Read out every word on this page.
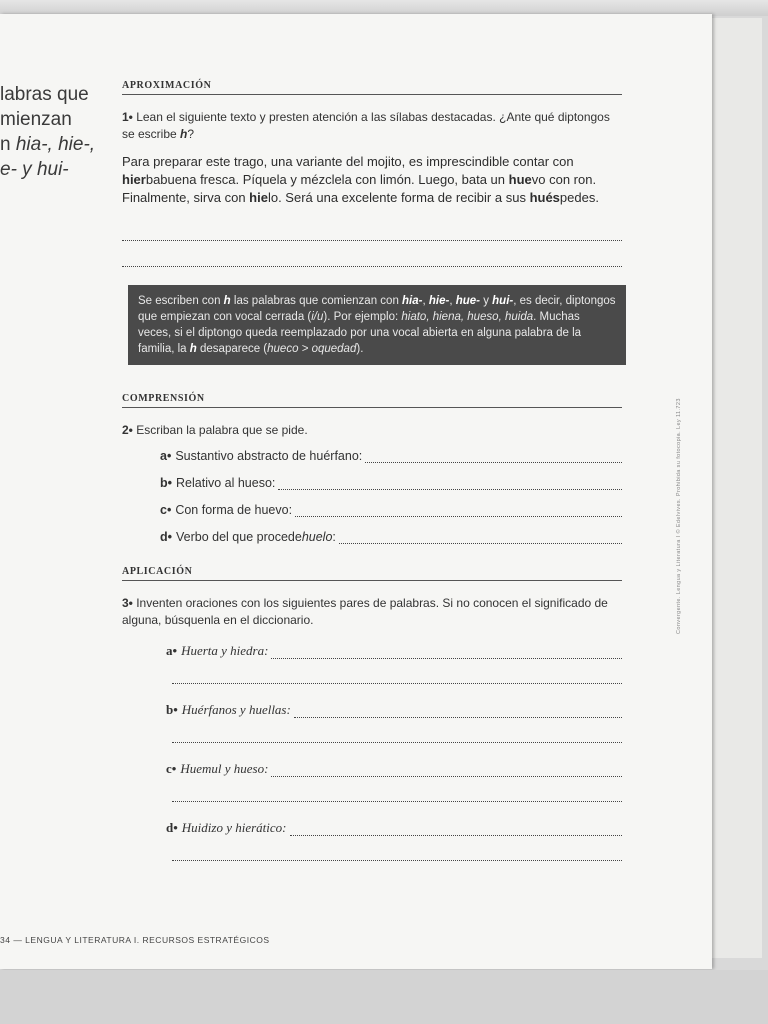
labras que
mienzan
n hia-, hie-,
e- y hui-
APROXIMACIÓN

1• Lean el siguiente texto y presten atención a las sílabas destacadas. ¿Ante qué diptongos se escribe h?

Para preparar este trago, una variante del mojito, es imprescindible contar con hierbabuena fresca. Píquela y mézclela con limón. Luego, bata un huevo con ron. Finalmente, sirva con hielo. Será una excelente forma de recibir a sus huéspedes.

Se escriben con h las palabras que comienzan con hia-, hie-, hue- y hui-, es decir, diptongos que empiezan con vocal cerrada (i/u). Por ejemplo: hiato, hiena, hueso, huida. Muchas veces, si el diptongo queda reemplazado por una vocal abierta en alguna palabra de la familia, la h desaparece (hueco > oquedad).
COMPRENSIÓN

2• Escriban la palabra que se pide.

a• Sustantivo abstracto de huérfano:
b• Relativo al hueso:
c• Con forma de huevo:
d• Verbo del que procede huelo :
APLICACIÓN

3• Inventen oraciones con los siguientes pares de palabras. Si no conocen el significado de alguna, búsquenla en el diccionario.

a• Huerta y hiedra:
b• Huérfanos y huellas:
c• Huemul y hueso:
d• Huidizo y hierático:
34 — LENGUA Y LITERATURA I. RECURSOS ESTRATÉGICOS
Convergente. Lengua y Literatura I © Edelvives. Prohibida su fotocopia. Ley 11.723
